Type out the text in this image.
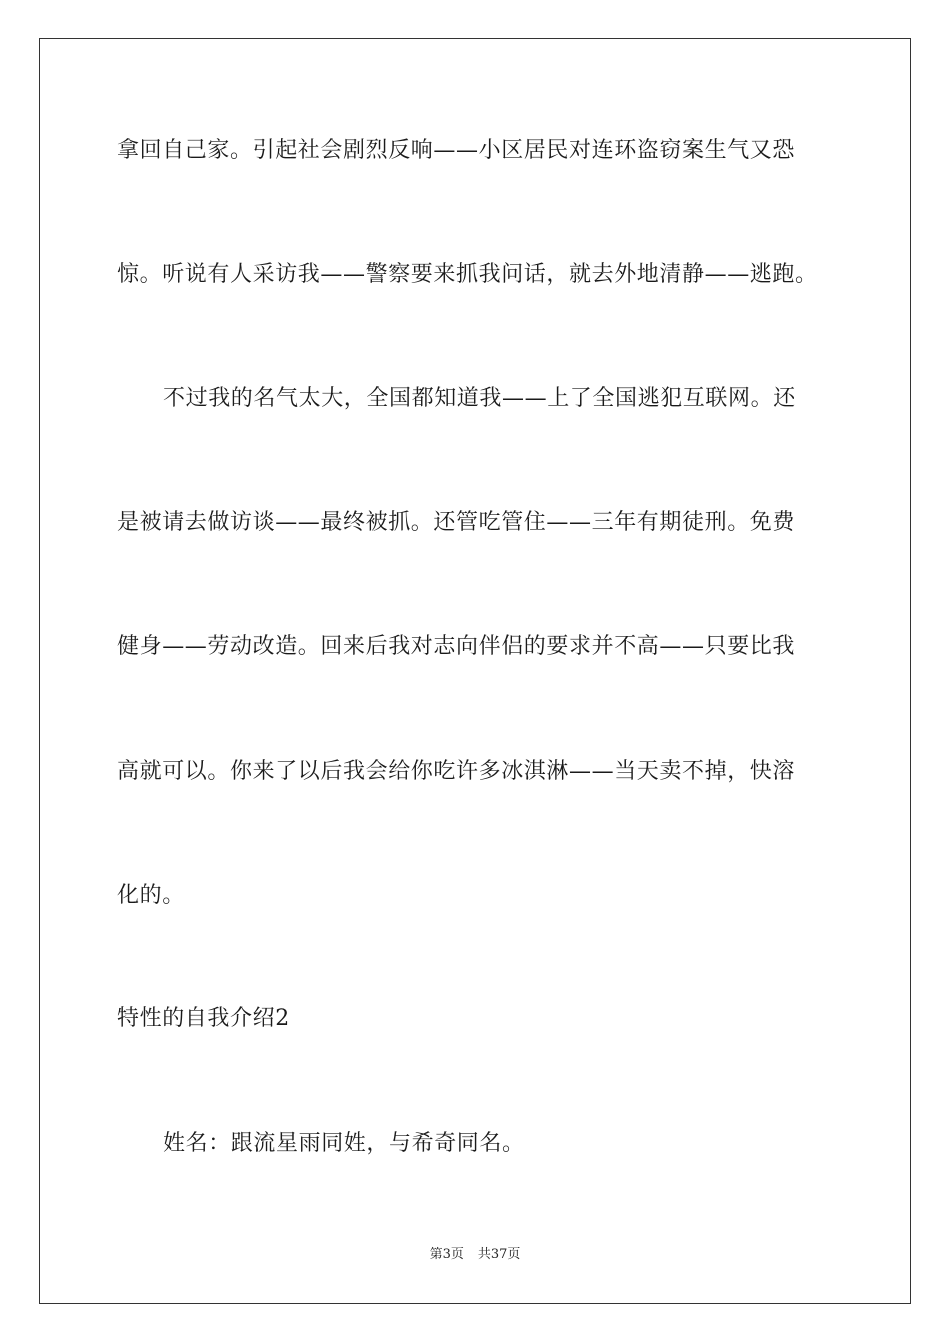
拿回自己家。引起社会剧烈反响——小区居民对连环盗窃案生气又恐
惊。听说有人采访我——警察要来抓我问话，就去外地清静——逃跑。
不过我的名气太大，全国都知道我——上了全国逃犯互联网。还
是被请去做访谈——最终被抓。还管吃管住——三年有期徒刑。免费
健身——劳动改造。回来后我对志向伴侣的要求并不高——只要比我
高就可以。你来了以后我会给你吃许多冰淇淋——当天卖不掉，快溶
化的。
特性的自我介绍2
姓名：跟流星雨同姓，与希奇同名。
第3页 共37页
